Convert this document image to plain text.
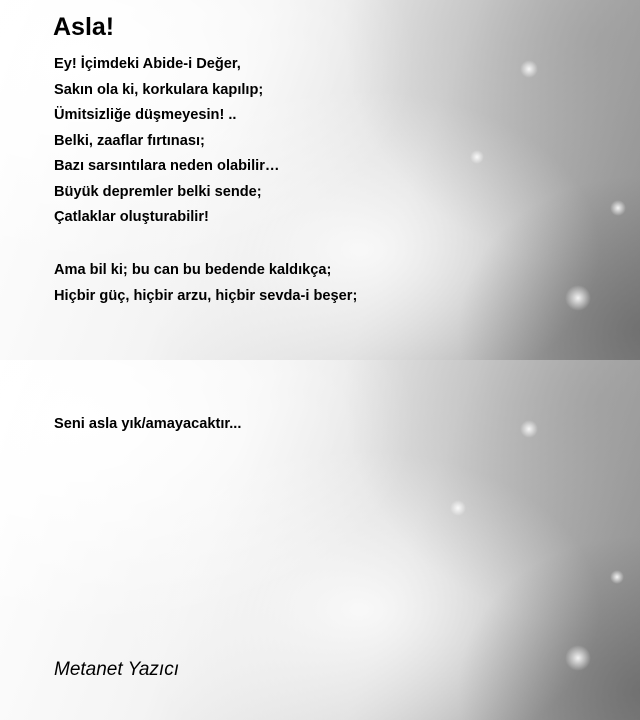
Asla!
Ey! İçimdeki Abide-i Değer,
Sakın ola ki, korkulara kapılıp;
Ümitsizliğe düşmeyesin! ..
Belki, zaaflar fırtınası;
Bazı sarsıntılara neden olabilir…
Büyük depremler belki sende;
Çatlaklar oluşturabilir!
Ama bil ki; bu can bu bedende kaldıkça;
Hiçbir güç, hiçbir arzu, hiçbir sevda-i beşer;

Seni asla yık/amayacaktır...

Metanet Yazıcı
